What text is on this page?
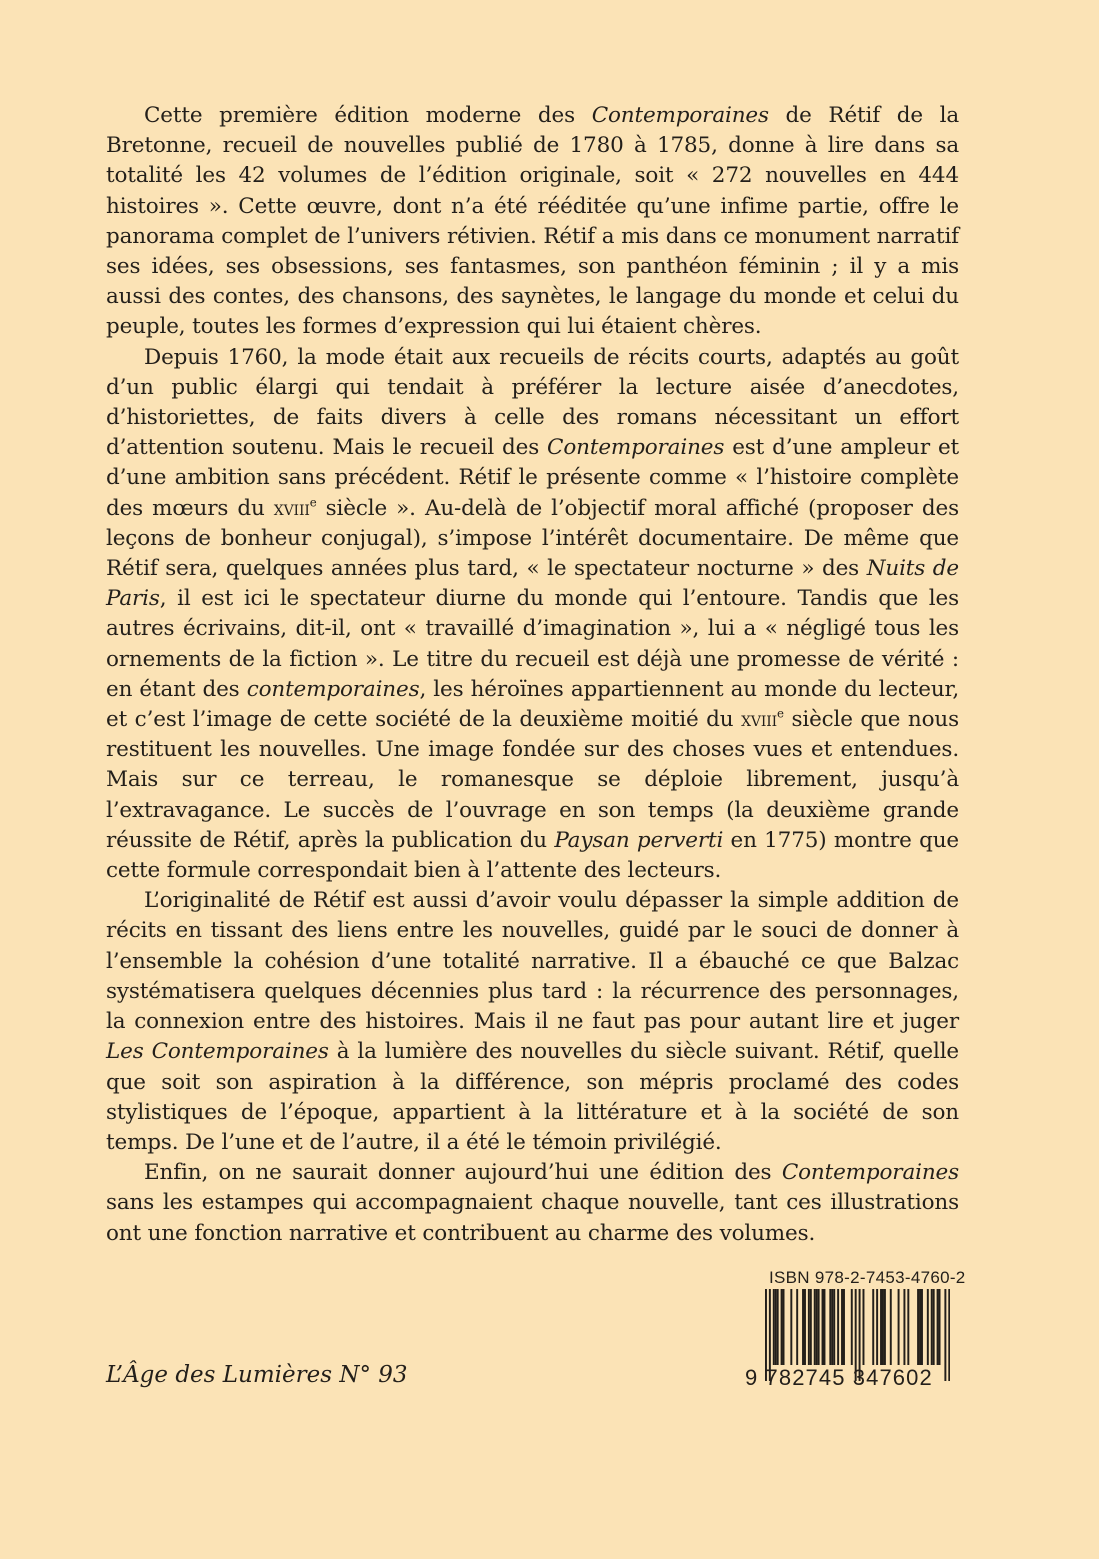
Cette première édition moderne des Contemporaines de Rétif de la Bretonne, recueil de nouvelles publié de 1780 à 1785, donne à lire dans sa totalité les 42 volumes de l’édition originale, soit « 272 nouvelles en 444 histoires ». Cette œuvre, dont n’a été rééditée qu’une infime partie, offre le panorama complet de l’univers rétivien. Rétif a mis dans ce monument narratif ses idées, ses obsessions, ses fantasmes, son panthéon féminin ; il y a mis aussi des contes, des chansons, des saynètes, le langage du monde et celui du peuple, toutes les formes d’expression qui lui étaient chères.

Depuis 1760, la mode était aux recueils de récits courts, adaptés au goût d’un public élargi qui tendait à préférer la lecture aisée d’anecdotes, d’historiettes, de faits divers à celle des romans nécessitant un effort d’attention soutenu. Mais le recueil des Contemporaines est d’une ampleur et d’une ambition sans précédent. Rétif le présente comme « l’histoire complète des mœurs du xviii$^e$ siècle ». Au-delà de l’objectif moral affiché (proposer des leçons de bonheur conjugal), s’impose l’intérêt documentaire. De même que Rétif sera, quelques années plus tard, « le spectateur nocturne » des Nuits de Paris, il est ici le spectateur diurne du monde qui l’entoure. Tandis que les autres écrivains, dit-il, ont « travaillé d’imagination », lui a « négligé tous les ornements de la fiction ». Le titre du recueil est déjà une promesse de vérité : en étant des contemporaines, les héroïnes appartiennent au monde du lecteur, et c’est l’image de cette société de la deuxième moitié du xviii$^e$ siècle que nous restituent les nouvelles. Une image fondée sur des choses vues et entendues. Mais sur ce terreau, le romanesque se déploie librement, jusqu’à l’extravagance. Le succès de l’ouvrage en son temps (la deuxième grande réussite de Rétif, après la publication du Paysan perverti en 1775) montre que cette formule correspondait bien à l’attente des lecteurs.

L’originalité de Rétif est aussi d’avoir voulu dépasser la simple addition de récits en tissant des liens entre les nouvelles, guidé par le souci de donner à l’ensemble la cohésion d’une totalité narrative. Il a ébauché ce que Balzac systématisera quelques décennies plus tard : la récurrence des personnages, la connexion entre des histoires. Mais il ne faut pas pour autant lire et juger Les Contemporaines à la lumière des nouvelles du siècle suivant. Rétif, quelle que soit son aspiration à la différence, son mépris proclamé des codes stylistiques de l’époque, appartient à la littérature et à la société de son temps. De l’une et de l’autre, il a été le témoin privilégié.

Enfin, on ne saurait donner aujourd’hui une édition des Contemporaines sans les estampes qui accompagnaient chaque nouvelle, tant ces illustrations ont une fonction narrative et contribuent au charme des volumes.

L’Âge des Lumières N° 93

ISBN 978-2-7453-4760-2

9 782745 347602
